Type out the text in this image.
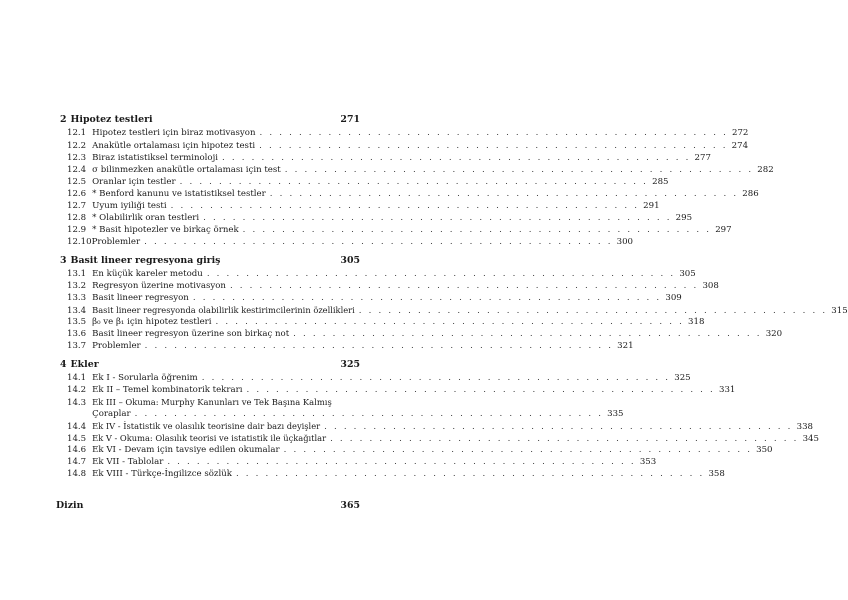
2 Hipotez testleri	271
12.1 Hipotez testleri için biraz motivasyon . . . . . . . . . . . . . . . . . . . . . . . . . . . . . . . . . . . . . . . . . . . . . . . . 272
12.2 Anakütle ortalaması için hipotez testi . . . . . . . . . . . . . . . . . . . . . . . . . . . . . . . . . . . . . . . . . . . . . . . . 274
12.3 Biraz istatistiksel terminoloji . . . . . . . . . . . . . . . . . . . . . . . . . . . . . . . . . . . . . . . . . . . . . . . . 277
12.4 σ bilinmezken anakütle ortalaması için test . . . . . . . . . . . . . . . . . . . . . . . . . . . . . . . . . . . . . . . . . . . . . . . . 282
12.5 Oranlar için testler . . . . . . . . . . . . . . . . . . . . . . . . . . . . . . . . . . . . . . . . . . . . . . . . 285
12.6 * Benford kanunu ve istatistiksel testler . . . . . . . . . . . . . . . . . . . . . . . . . . . . . . . . . . . . . . . . . . . . . . . . 286
12.7 Uyum iyiliği testi . . . . . . . . . . . . . . . . . . . . . . . . . . . . . . . . . . . . . . . . . . . . . . . . 291
12.8 * Olabilirlik oran testleri . . . . . . . . . . . . . . . . . . . . . . . . . . . . . . . . . . . . . . . . . . . . . . . . 295
12.9 * Basit hipotezler ve birkaç örnek . . . . . . . . . . . . . . . . . . . . . . . . . . . . . . . . . . . . . . . . . . . . . . . . 297
12.10 Problemler . . . . . . . . . . . . . . . . . . . . . . . . . . . . . . . . . . . . . . . . . . . . . . . . 300
3 Basit lineer regresyona giriş	305
13.1 En küçük kareler metodu . . . . . . . . . . . . . . . . . . . . . . . . . . . . . . . . . . . . . . . . . . . . . . . . 305
13.2 Regresyon üzerine motivasyon . . . . . . . . . . . . . . . . . . . . . . . . . . . . . . . . . . . . . . . . . . . . . . . . 308
13.3 Basit lineer regresyon . . . . . . . . . . . . . . . . . . . . . . . . . . . . . . . . . . . . . . . . . . . . . . . . 309
13.4 Basit lineer regresyonda olabilirlik kestirimcilerinin özellikleri . . . . . . . . . . . . . . . . . . . . . . . . . . . . . . . . . . . . . . . . . . . . . . . . 315
13.5 β₀ ve β₁ için hipotez testleri . . . . . . . . . . . . . . . . . . . . . . . . . . . . . . . . . . . . . . . . . . . . . . . . 318
13.6 Basit lineer regresyon üzerine son birkaç not . . . . . . . . . . . . . . . . . . . . . . . . . . . . . . . . . . . . . . . . . . . . . . . . 320
13.7 Problemler . . . . . . . . . . . . . . . . . . . . . . . . . . . . . . . . . . . . . . . . . . . . . . . . 321
4 Ekler	325
14.1 Ek I - Sorularla öğrenim . . . . . . . . . . . . . . . . . . . . . . . . . . . . . . . . . . . . . . . . . . . . . . . . 325
14.2 Ek II – Temel kombinatorik tekrarı . . . . . . . . . . . . . . . . . . . . . . . . . . . . . . . . . . . . . . . . . . . . . . . . 331
14.3 Ek III – Okuma: Murphy Kanunları ve Tek Başına Kalmış
Çoraplar . . . . . . . . . . . . . . . . . . . . . . . . . . . . . . . . . . . . . . . . . . . . . . . . 335
14.4 Ek IV - İstatistik ve olasılık teorisine dair bazı deyişler . . . . . . . . . . . . . . . . . . . . . . . . . . . . . . . . . . . . . . . . . . . . . . . . 338
14.5 Ek V - Okuma: Olasılık teorisi ve istatistik ile üçkağıtlar . . . . . . . . . . . . . . . . . . . . . . . . . . . . . . . . . . . . . . . . . . . . . . . . 345
14.6 Ek VI - Devam için tavsiye edilen okumalar . . . . . . . . . . . . . . . . . . . . . . . . . . . . . . . . . . . . . . . . . . . . . . . . 350
14.7 Ek VII - Tablolar . . . . . . . . . . . . . . . . . . . . . . . . . . . . . . . . . . . . . . . . . . . . . . . . 353
14.8 Ek VIII - Türkçe-İngilizce sözlük . . . . . . . . . . . . . . . . . . . . . . . . . . . . . . . . . . . . . . . . . . . . . . . . 358
Dizin	365
